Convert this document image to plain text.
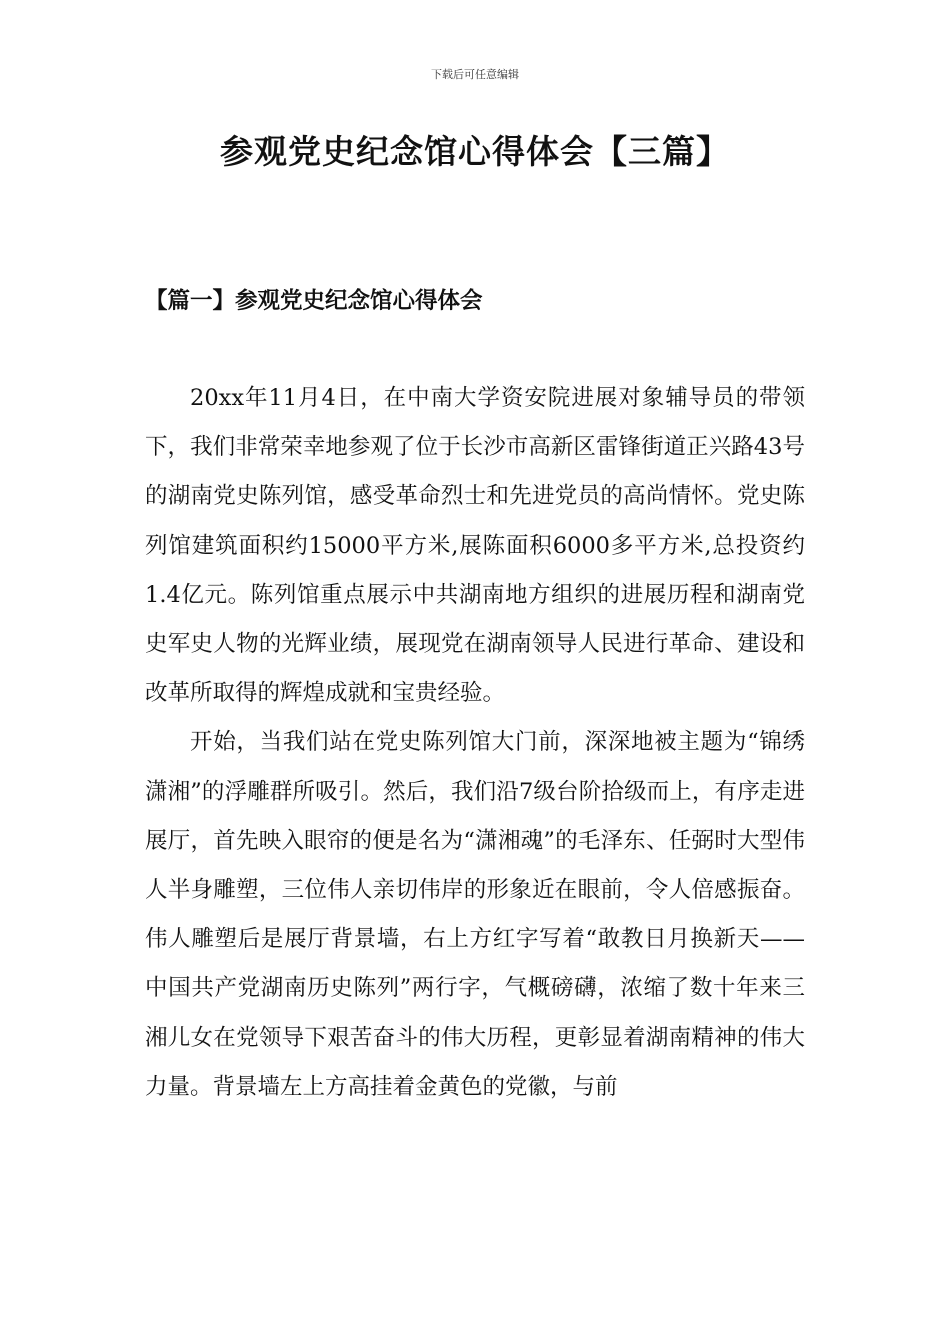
下载后可任意编辑
参观党史纪念馆心得体会【三篇】
【篇一】参观党史纪念馆心得体会

20xx年11月4日，在中南大学资安院进展对象辅导员的带领下，我们非常荣幸地参观了位于长沙市高新区雷锋街道正兴路43号的湖南党史陈列馆，感受革命烈士和先进党员的高尚情怀。党史陈列馆建筑面积约15000平方米,展陈面积6000多平方米,总投资约1.4亿元。陈列馆重点展示中共湖南地方组织的进展历程和湖南党史军史人物的光辉业绩，展现党在湖南领导人民进行革命、建设和改革所取得的辉煌成就和宝贵经验。

开始，当我们站在党史陈列馆大门前，深深地被主题为“锦绣潇湘”的浮雕群所吸引。然后，我们沿7级台阶拾级而上，有序走进展厅，首先映入眼帘的便是名为“潇湘魂”的毛泽东、任弼时大型伟人半身雕塑，三位伟人亲切伟岸的形象近在眼前，令人倍感振奋。伟人雕塑后是展厅背景墙，右上方红字写着“敢教日月换新天——中国共产党湖南历史陈列”两行字，气概磅礴，浓缩了数十年来三湘儿女在党领导下艰苦奋斗的伟大历程，更彰显着湖南精神的伟大力量。背景墙左上方高挂着金黄色的党徽，与前
